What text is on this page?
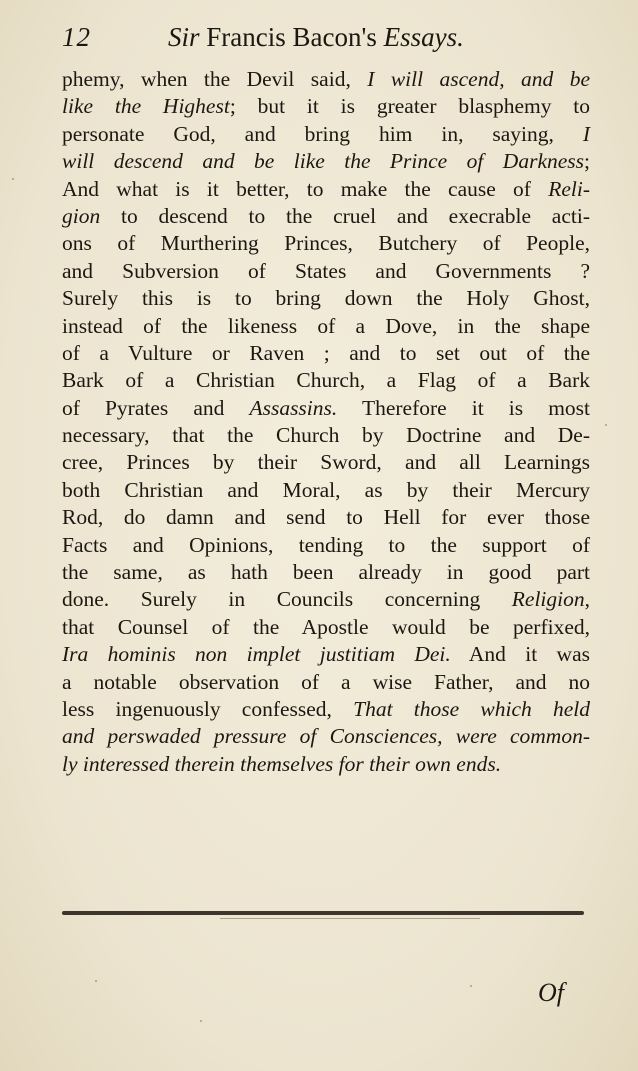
12	Sir Francis Bacon's Essays.
phemy, when the Devil said, I will ascend, and be
like the Highest; but it is greater blasphemy to
personate God, and bring him in, saying, I
will descend and be like the Prince of Darkness;
And what is it better, to make the cause of Reli-
gion to descend to the cruel and execrable acti-
ons of Murthering Princes, Butchery of People,
and Subversion of States and Governments ?
Surely this is to bring down the Holy Ghost,
instead of the likeness of a Dove, in the shape
of a Vulture or Raven ; and to set out of the
Bark of a Christian Church, a Flag of a Bark
of Pyrates and Assassins. Therefore it is most
necessary, that the Church by Doctrine and De-
cree, Princes by their Sword, and all Learnings
both Christian and Moral, as by their Mercury
Rod, do damn and send to Hell for ever those
Facts and Opinions, tending to the support of
the same, as hath been already in good part
done. Surely in Councils concerning Religion,
that Counsel of the Apostle would be perfixed,
Ira hominis non implet justitiam Dei. And it was
a notable observation of a wise Father, and no
less ingenuously confessed, That those which held
and perswaded pressure of Consciences, were common-
ly interessed therein themselves for their own ends.
Of
